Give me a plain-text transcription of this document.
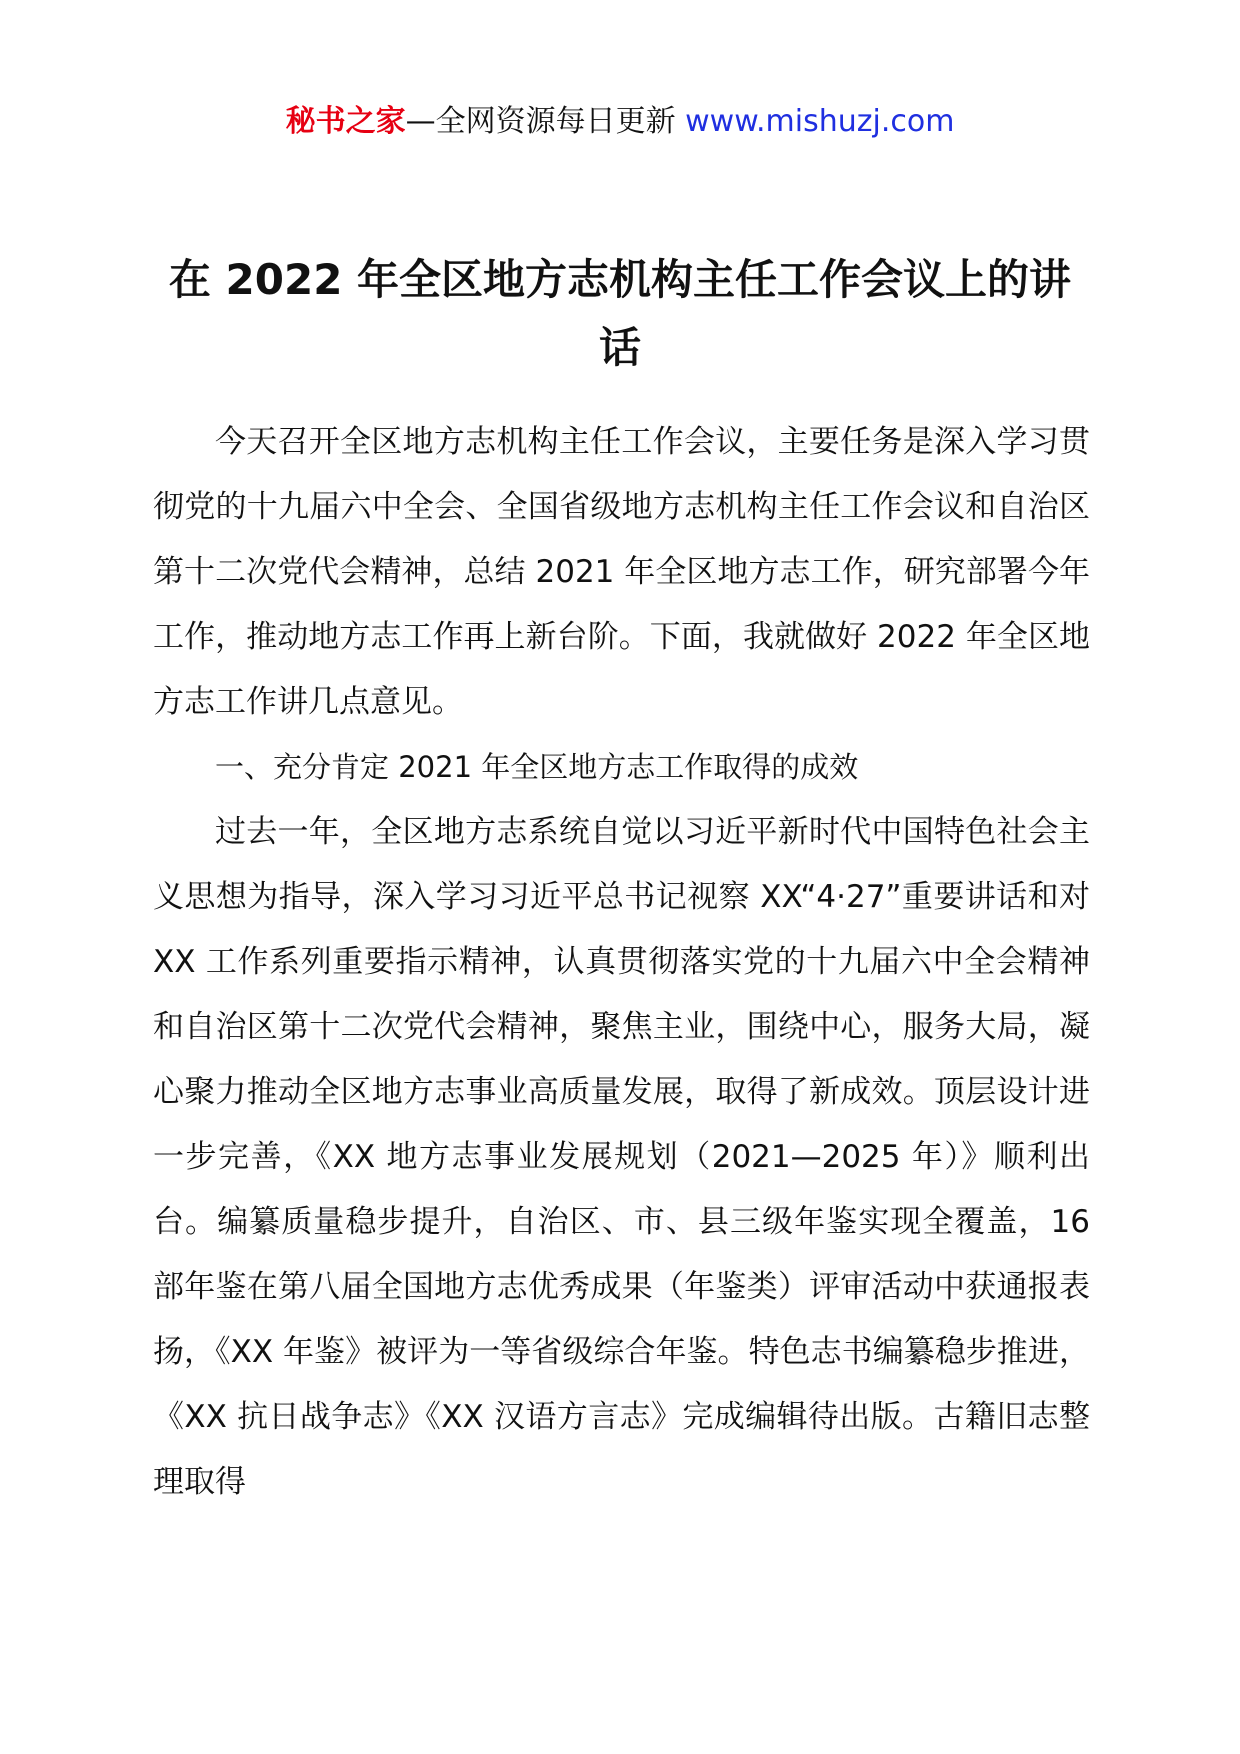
秘书之家—全网资源每日更新 www.mishuzj.com
在 2022 年全区地方志机构主任工作会议上的讲话

今天召开全区地方志机构主任工作会议，主要任务是深入学习贯彻党的十九届六中全会、全国省级地方志机构主任工作会议和自治区第十二次党代会精神，总结 2021 年全区地方志工作，研究部署今年工作，推动地方志工作再上新台阶。下面，我就做好 2022 年全区地方志工作讲几点意见。

一、充分肯定 2021 年全区地方志工作取得的成效

过去一年，全区地方志系统自觉以习近平新时代中国特色社会主义思想为指导，深入学习习近平总书记视察 XX“4·27”重要讲话和对 XX 工作系列重要指示精神，认真贯彻落实党的十九届六中全会精神和自治区第十二次党代会精神，聚焦主业，围绕中心，服务大局，凝心聚力推动全区地方志事业高质量发展，取得了新成效。顶层设计进一步完善，《XX 地方志事业发展规划（2021—2025 年）》顺利出台。编纂质量稳步提升，自治区、市、县三级年鉴实现全覆盖，16 部年鉴在第八届全国地方志优秀成果（年鉴类）评审活动中获通报表扬，《XX 年鉴》被评为一等省级综合年鉴。特色志书编纂稳步推进，《XX 抗日战争志》《XX 汉语方言志》完成编辑待出版。古籍旧志整理取得
